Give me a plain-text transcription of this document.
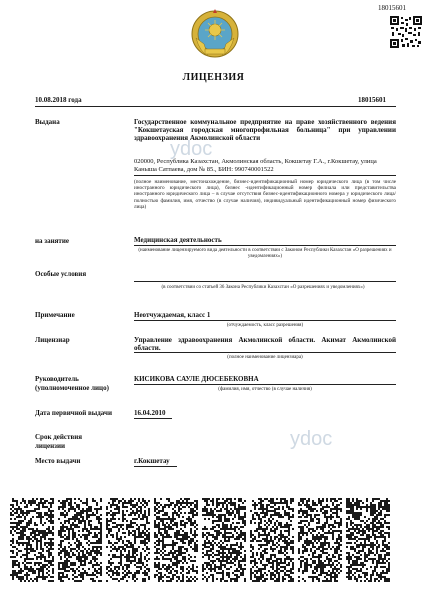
18015601
ЛИЦЕНЗИЯ
10.08.2018 года	18015601
Выдана	Государственное коммунальное предприятие на праве хозяйственного ведения "Кокшетауская городская многопрофильная больница" при управлении здравоохранения Акмолинской области
020000, Республика Казахстан, Акмолинская область, Кокшетау Г.А., г.Кокшетау, улица Каныша Сатпаева, дом № 85., БИН: 990740001522
(полное наименование, местонахождение, бизнес-идентификационный номер юридического лица (в том числе иностранного юридического лица), бизнес -идентификационный номер филиала или представительства иностранного юридического лица – в случае отсутствия бизнес-идентификационного номера у юридического лица/полностью фамилия, имя, отчество (в случае наличия), индивидуальный идентификационный номер физического лица)
на занятие	Медицинская деятельность
(наименование лицензируемого вида деятельности в соответствии с Законом Республики Казахстан «О разрешениях и уведомлениях»)
Особые условия
(в соответствии со статьей 36 Закона Республики Казахстан «О разрешениях и уведомлениях»)
Примечание	Неотчуждаемая, класс 1
(отчуждаемость, класс разрешения)
Лицензиар	Управление здравоохранения Акмолинской области. Акимат Акмолинской области.
(полное наименование лицензиара)
Руководитель
(уполномоченное лицо)
КИСИКОВА САУЛЕ ДЮСЕБЕКОВНА
(фамилия, имя, отчество (в случае наличия)
Дата первичной выдачи	16.04.2010
Срок действия
лицензии
Место выдачи	г.Кокшетау
ydoc
ydoc
